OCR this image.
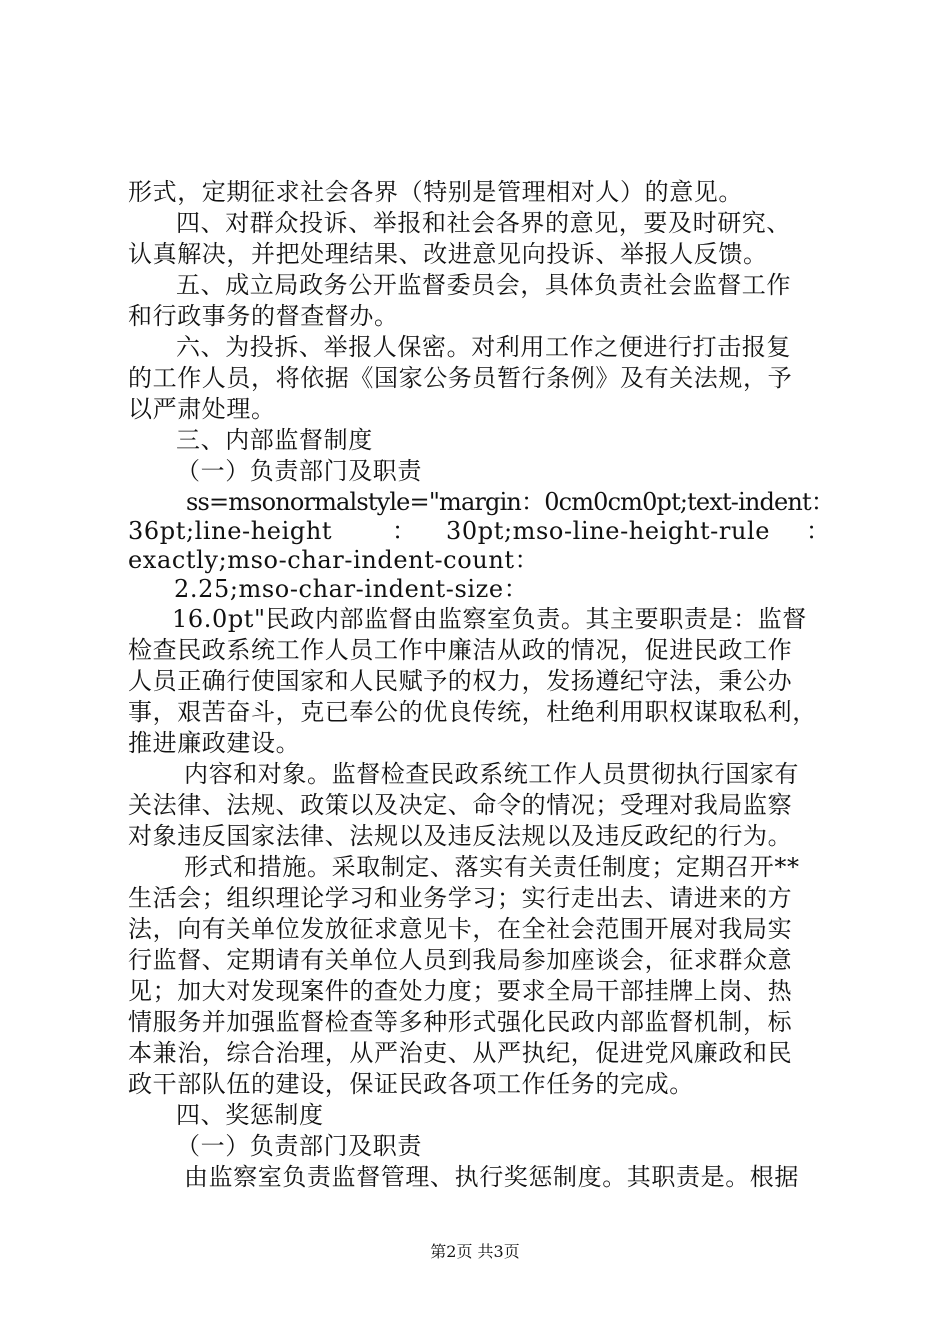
形式，定期征求社会各界（特别是管理相对人）的意见。
四、对群众投诉、举报和社会各界的意见，要及时研究、
认真解决，并把处理结果、改进意见向投诉、举报人反馈。
五、成立局政务公开监督委员会，具体负责社会监督工作
和行政事务的督查督办。
六、为投拆、举报人保密。对利用工作之便进行打击报复
的工作人员，将依据《国家公务员暂行条例》及有关法规，予
以严肃处理。
三、内部监督制度
（一）负责部门及职责
ss=msonormalstyle="margin：0cm0cm0pt;text-indent：
36pt;line-height ： 30pt;mso-line-height-rule ：
exactly;mso-char-indent-count：
2.25;mso-char-indent-size：
16.0pt"民政内部监督由监察室负责。其主要职责是：监督
检查民政系统工作人员工作中廉洁从政的情况，促进民政工作
人员正确行使国家和人民赋予的权力，发扬遵纪守法，秉公办
事，艰苦奋斗，克已奉公的优良传统，杜绝利用职权谋取私利，
推进廉政建设。
内容和对象。监督检查民政系统工作人员贯彻执行国家有
关法律、法规、政策以及决定、命令的情况；受理对我局监察
对象违反国家法律、法规以及违反法规以及违反政纪的行为。
形式和措施。采取制定、落实有关责任制度；定期召开**
生活会；组织理论学习和业务学习；实行走出去、请进来的方
法，向有关单位发放征求意见卡，在全社会范围开展对我局实
行监督、定期请有关单位人员到我局参加座谈会，征求群众意
见；加大对发现案件的查处力度；要求全局干部挂牌上岗、热
情服务并加强监督检查等多种形式强化民政内部监督机制，标
本兼治，综合治理，从严治吏、从严执纪，促进党风廉政和民
政干部队伍的建设，保证民政各项工作任务的完成。
四、奖惩制度
（一）负责部门及职责
由监察室负责监督管理、执行奖惩制度。其职责是。根据
第2页 共3页
